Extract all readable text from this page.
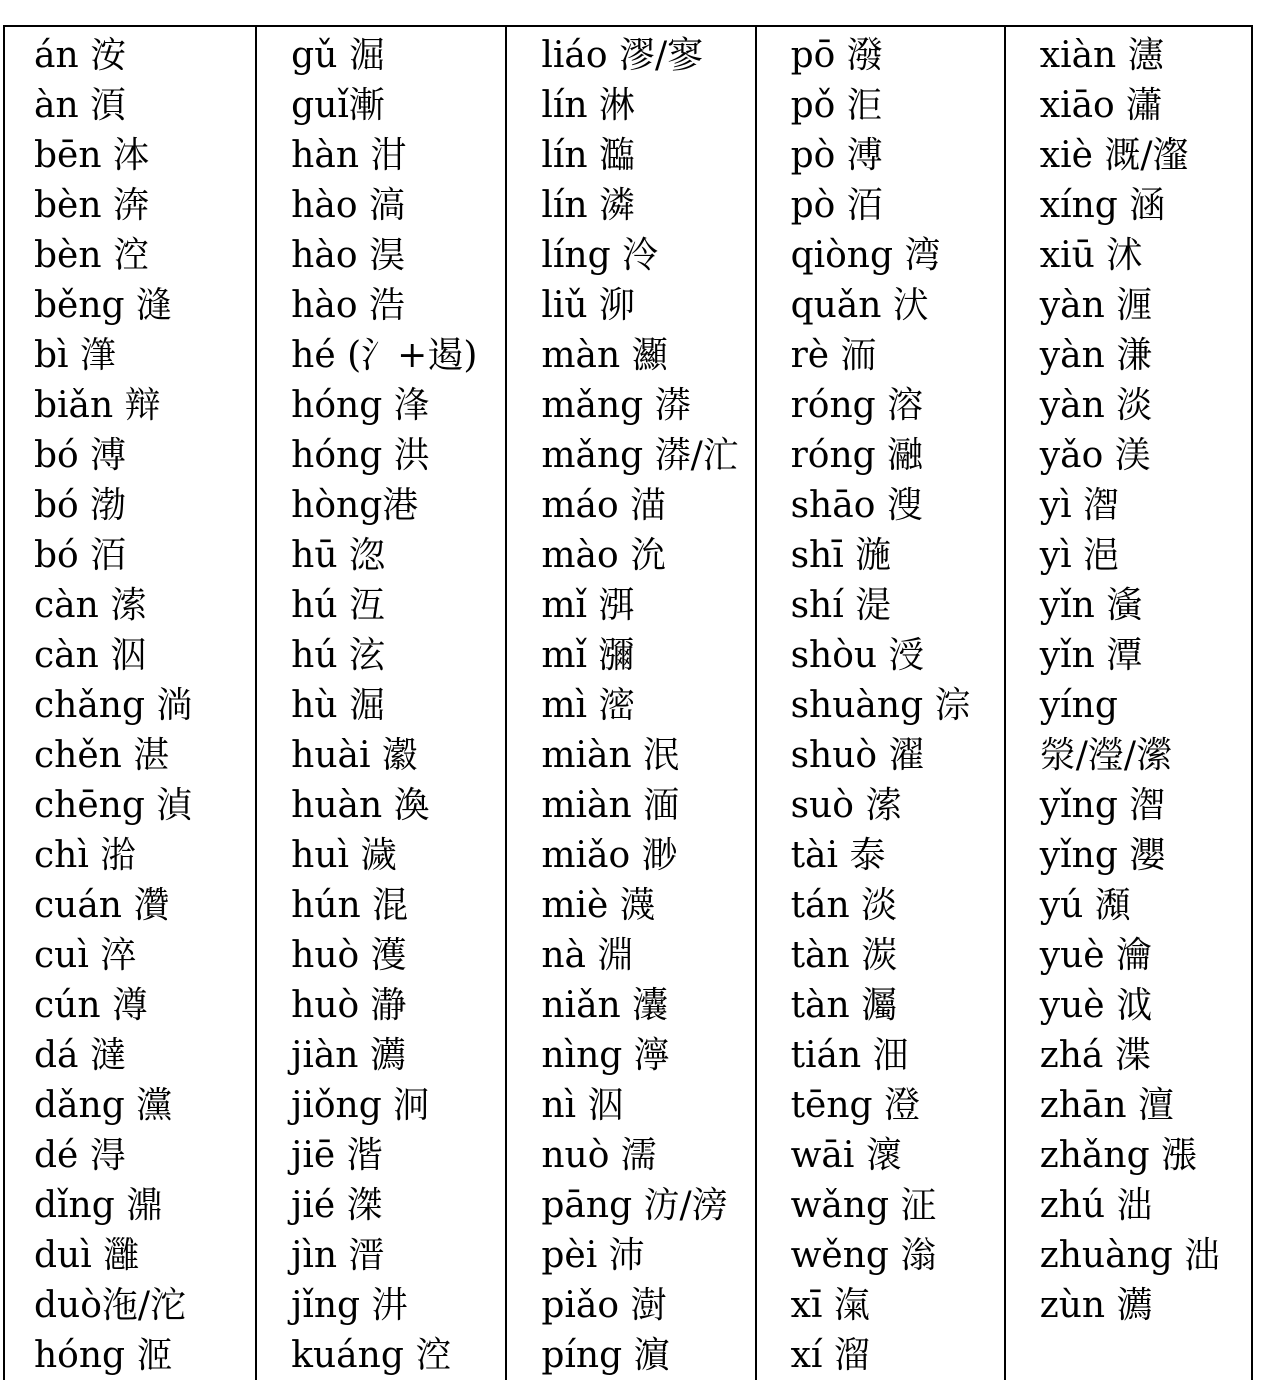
án 洝
àn 湏
bēn 泍
bèn 渀
bèn 涳
běng 漨
bì 潷
biǎn 辩
bó 溥
bó 渤
bó 洦
càn 溹
càn 泅
chǎng 淌
chěn 湛
chēng 湞
chì 湁
cuán 灒
cuì 淬
cún 澊
dá 澾
dǎng 灙
dé 淂
dǐng 濎
duì 灉
duò沲/沱
hóng 洍
gǔ 淈
guǐ漸
hàn 泔
hào 滈
hào 淏
hào 浩
hé (氵+遏)
hóng 浲
hóng 洪
hòng港
hū 淴
hú 沍
hú 泫
hù 淈
huài 瀫
huàn 渙
huì 濊
hún 混
huò 濩
huò 瀞
jiàn 瀳
jiǒng 泂
jiē 湝
jié 滐
jìn 溍
jǐng 汫
kuáng 涳
liáo 漻/寥
lín 淋
lín 瀶
lín 潾
líng 泠
liǔ 泖
màn 灦
mǎng 漭
mǎng 漭/汒
máo 渵
mào 沇
mǐ 渳
mǐ 瀰
mì 滵
miàn 泯
miàn 湎
miǎo 渺
miè 瀎
nà 淵
niǎn 灢
nìng 濘
nì 泅
nuò 濡
pāng 汸/滂
pèi 沛
piǎo 澍
píng 濵
pō 潑
pǒ 洰
pò 溥
pò 洦
qiòng 湾
quǎn 汱
rè 洏
róng 溶
róng 瀜
shāo 溲
shī 湤
shí 湜
shòu 涭
shuàng 淙
shuò 濯
suò 溹
tài 泰
tán 淡
tàn 湠
tàn 灟
tián 沺
tēng 澄
wāi 瀤
wǎng 泟
wěng 滃
xī 滊
xí 溜
xiàn 瀗
xiāo 瀟
xiè 溉/瀣
xíng 涵
xiū 沭
yàn 湹
yàn 溓
yàn 淡
yǎo 渼
yì 潪
yì 浥
yǐn 濥
yǐn 潭
yíng
滎/瀅/瀠
yǐng 潪
yǐng 瀴
yú 瀩
yuè 瀹
yuè 泧
zhá 渫
zhān 澶
zhǎng 漲
zhú 泏
zhuàng 泏
zùn 瀳
